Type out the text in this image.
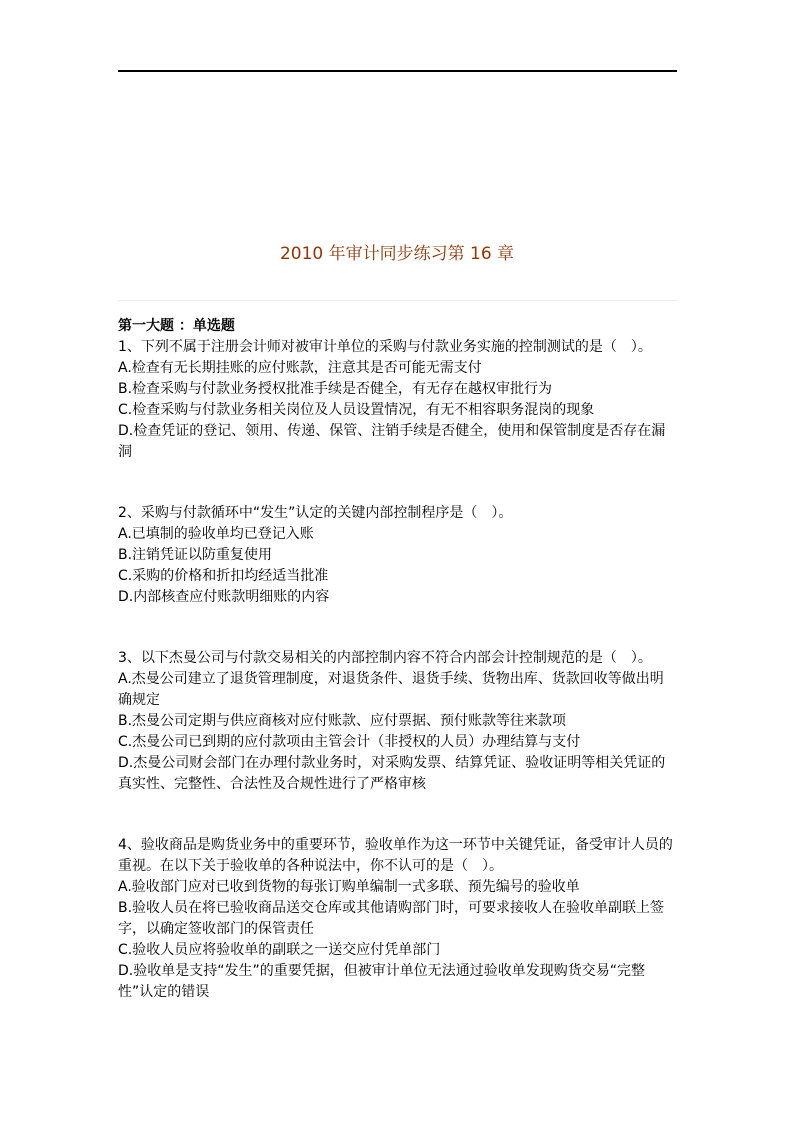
2010 年审计同步练习第 16 章

第一大题 ：单选题

1、下列不属于注册会计师对被审计单位的采购与付款业务实施的控制测试的是（　）。
A.检查有无长期挂账的应付账款，注意其是否可能无需支付
B.检查采购与付款业务授权批准手续是否健全，有无存在越权审批行为
C.检查采购与付款业务相关岗位及人员设置情况，有无不相容职务混岗的现象
D.检查凭证的登记、领用、传递、保管、注销手续是否健全，使用和保管制度是否存在漏洞
2、采购与付款循环中“发生”认定的关键内部控制程序是（　）。
A.已填制的验收单均已登记入账
B.注销凭证以防重复使用
C.采购的价格和折扣均经适当批准
D.内部核查应付账款明细账的内容
3、以下杰曼公司与付款交易相关的内部控制内容不符合内部会计控制规范的是（　）。
A.杰曼公司建立了退货管理制度，对退货条件、退货手续、货物出库、货款回收等做出明确规定
B.杰曼公司定期与供应商核对应付账款、应付票据、预付账款等往来款项
C.杰曼公司已到期的应付款项由主管会计（非授权的人员）办理结算与支付
D.杰曼公司财会部门在办理付款业务时，对采购发票、结算凭证、验收证明等相关凭证的真实性、完整性、合法性及合规性进行了严格审核
4、验收商品是购货业务中的重要环节，验收单作为这一环节中关键凭证，备受审计人员的重视。在以下关于验收单的各种说法中，你不认可的是（　）。
A.验收部门应对已收到货物的每张订购单编制一式多联、预先编号的验收单
B.验收人员在将已验收商品送交仓库或其他请购部门时，可要求接收人在验收单副联上签字，以确定签收部门的保管责任
C.验收人员应将验收单的副联之一送交应付凭单部门
D.验收单是支持“发生”的重要凭据，但被审计单位无法通过验收单发现购货交易“完整性”认定的错误
